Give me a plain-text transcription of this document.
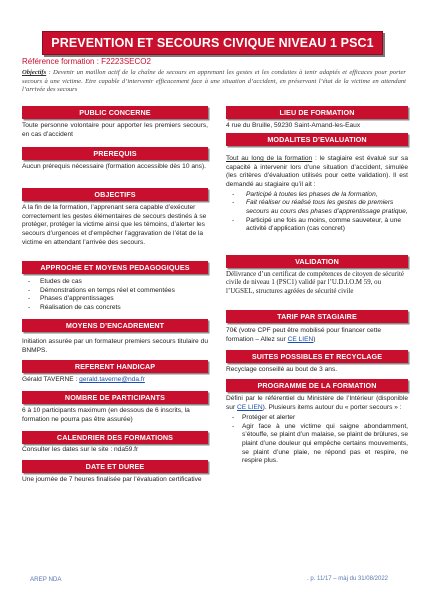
PREVENTION ET SECOURS CIVIQUE NIVEAU 1 PSC1
Référence formation : F2223SECO2
Objectifs : Devenir un maillon actif de la chaîne de secours en apprenant les gestes et les conduites à tenir adaptés et efficaces pour porter secours à une victime. Etre capable d’intervenir efficacement face à une situation d’accident, en préservant l’état de la victime en attendant l’arrivée des secours
PUBLIC CONCERNE
Toute personne volontaire pour apporter les premiers secours, en cas d’accident
PREREQUIS
Aucun prérequis nécessaire (formation accessible dès 10 ans).
OBJECTIFS
A la fin de la formation, l’apprenant sera capable d’exécuter correctement les gestes élémentaires de secours destinés à se protéger, protéger la victime ainsi que les témoins, d’alerter les secours d’urgences et d’empêcher l’aggravation de l’état de la victime en attendant l’arrivée des secours.
APPROCHE ET MOYENS PEDAGOGIQUES
- Etudes de cas
- Démonstrations en temps réel et commentées
- Phases d’apprentissages
- Réalisation de cas concrets
MOYENS D’ENCADREMENT
Initiation assurée par un formateur premiers secours titulaire du BNMPS.
REFERENT HANDICAP
Gérald TAVERNE : gerald.taverne@nda.fr
NOMBRE DE PARTICIPANTS
6 à 10 participants maximum (en dessous de 6 inscrits, la formation ne pourra pas être assurée)
CALENDRIER DES FORMATIONS
Consulter les dates sur le site : nda59.fr
DATE ET DUREE
Une journée de 7 heures finalisée par l’évaluation certificative
LIEU DE FORMATION
4 rue du Bruille, 59230 Saint-Amand-les-Eaux
MODALITES D’EVALUATION
Tout au long de la formation : le stagiaire est évalué sur sa capacité à intervenir lors d’une situation d’accident, simulée (les critères d’évaluation utilisés pour cette validation). Il est demandé au stagiaire qu’il ait :
- Participé à toutes les phases de la formation,
- Fait réaliser ou réalisé tous les gestes de premiers secours au cours des phases d’apprentissage pratique,
- Participé une fois au moins, comme sauveteur, à une activité d’application (cas concret)
VALIDATION
Délivrance d’un certificat de compétences de citoyen de sécurité civile de niveau 1 (PSC1) validé par l’U.D.I.O.M 59, ou l’UGSEL, structures agréées de sécurité civile
TARIF PAR STAGIAIRE
70€ (votre CPF peut être mobilisé pour financer cette formation – Allez sur CE LIEN)
SUITES POSSIBLES ET RECYCLAGE
Recyclage conseillé au bout de 3 ans.
PROGRAMME DE LA FORMATION
Défini par le référentiel du Ministère de l’Intérieur (disponible sur CE LIEN). Plusieurs items autour du « porter secours » :
- Protéger et alerter
- Agir face à une victime qui saigne abondamment, s’étouffe, se plaint d’un malaise, se plaint de brûlures, se plaint d’une douleur qui empêche certains mouvements, se plaint d’une plaie, ne répond pas et respire, ne respire plus.
AREP NDA	. p. 11/17 – màj du 31/08/2022
